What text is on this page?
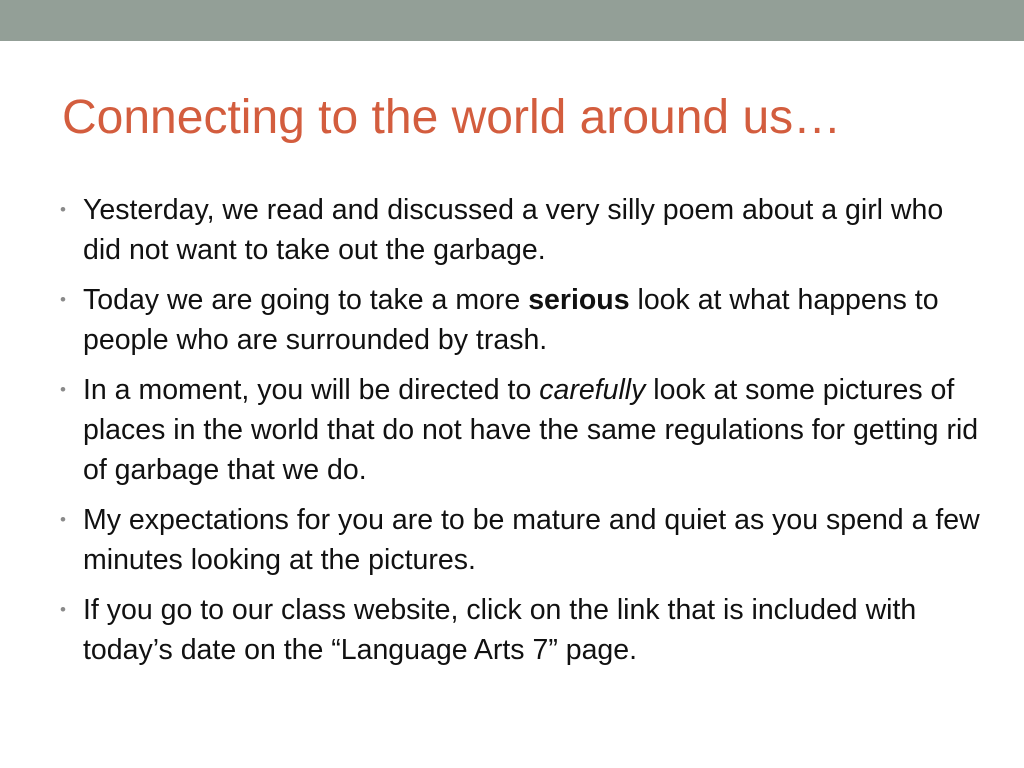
Connecting to the world around us…
• Yesterday, we read and discussed a very silly poem about a girl who did not want to take out the garbage.
• Today we are going to take a more serious look at what happens to people who are surrounded by trash.
• In a moment, you will be directed to carefully look at some pictures of places in the world that do not have the same regulations for getting rid of garbage that we do.
• My expectations for you are to be mature and quiet as you spend a few minutes looking at the pictures.
• If you go to our class website, click on the link that is included with today’s date on the “Language Arts 7” page.
